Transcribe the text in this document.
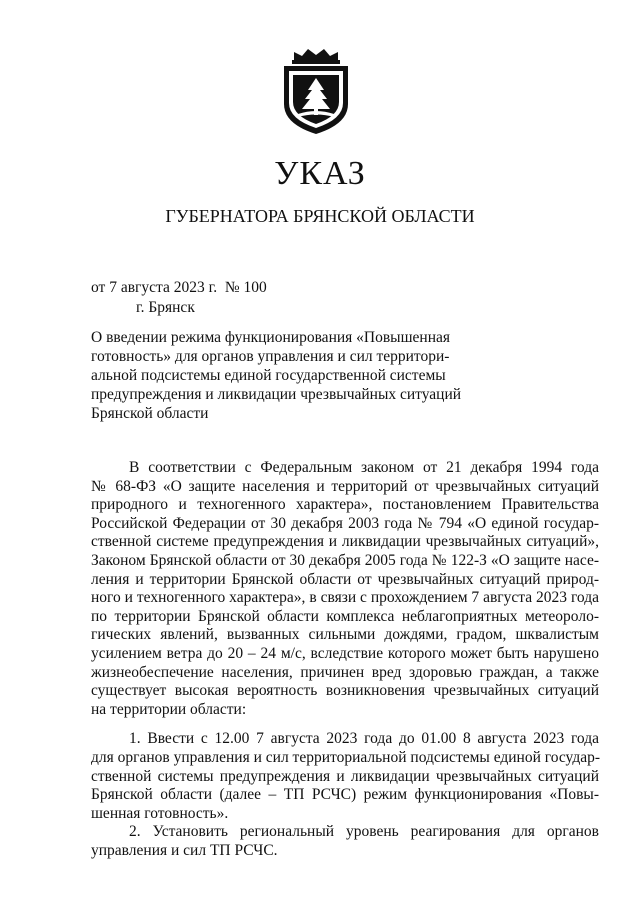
УКАЗ
ГУБЕРНАТОРА БРЯНСКОЙ ОБЛАСТИ
от 7 августа 2023 г.  № 100
г. Брянск
О введении режима функционирования «Повышенная
готовность» для органов управления и сил территори-
альной подсистемы единой государственной системы
предупреждения и ликвидации чрезвычайных ситуаций
Брянской области
В соответствии с Федеральным законом от 21 декабря 1994 года
№ 68-ФЗ «О защите населения и территорий от чрезвычайных ситуаций
природного и техногенного характера», постановлением Правительства
Российской Федерации от 30 декабря 2003 года № 794 «О единой государ-
ственной системе предупреждения и ликвидации чрезвычайных ситуаций»,
Законом Брянской области от 30 декабря 2005 года № 122-З «О защите насе-
ления и территории Брянской области от чрезвычайных ситуаций природ-
ного и техногенного характера», в связи с прохождением 7 августа 2023 года
по территории Брянской области комплекса неблагоприятных метеороло-
гических явлений, вызванных сильными дождями, градом, шквалистым
усилением ветра до 20 – 24 м/с, вследствие которого может быть нарушено
жизнеобеспечение населения, причинен вред здоровью граждан, а также
существует высокая вероятность возникновения чрезвычайных ситуаций
на территории области:
1. Ввести с 12.00 7 августа 2023 года до 01.00 8 августа 2023 года
для органов управления и сил территориальной подсистемы единой государ-
ственной системы предупреждения и ликвидации чрезвычайных ситуаций
Брянской области (далее – ТП РСЧС) режим функционирования «Повы-
шенная готовность».
2. Установить региональный уровень реагирования для органов
управления и сил ТП РСЧС.
